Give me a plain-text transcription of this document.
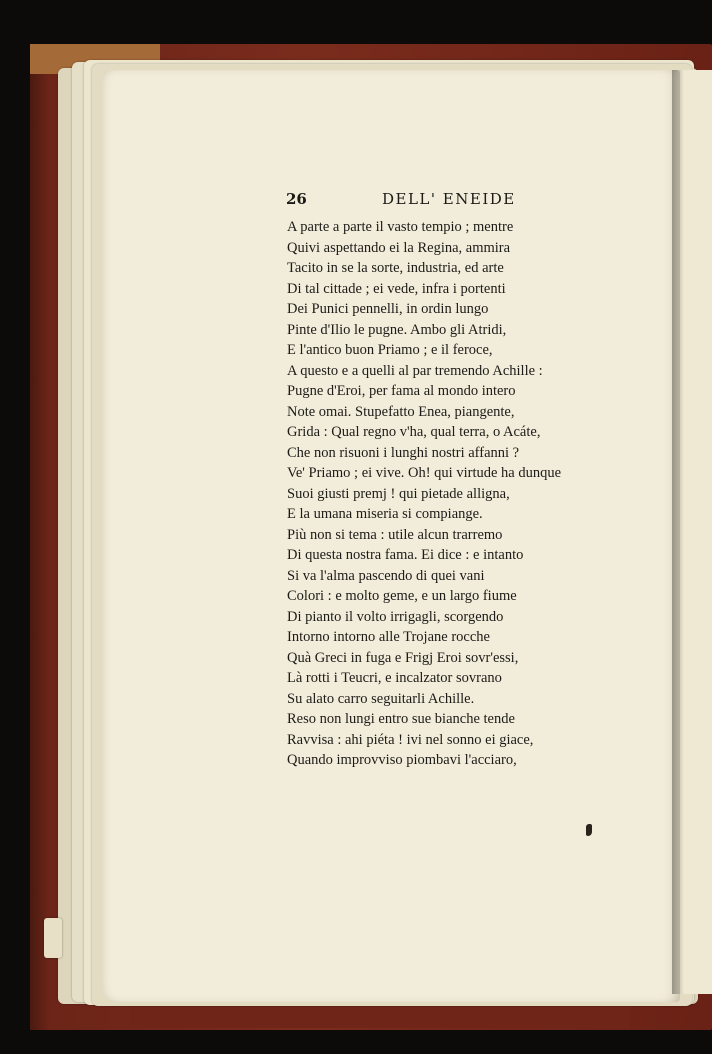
26	DELL' ENEIDE
A parte a parte il vasto tempio ; mentre
Quivi aspettando ei la Regina, ammira
Tacito in se la sorte, industria, ed arte
Di tal cittade ; ei vede, infra i portenti
Dei Punici pennelli, in ordin lungo
Pinte d'Ilio le pugne. Ambo gli Atridi,
E l'antico buon Priamo ; e il feroce,
A questo e a quelli al par tremendo Achille :
Pugne d'Eroi, per fama al mondo intero
Note omai. Stupefatto Enea, piangente,
Grida : Qual regno v'ha, qual terra, o Acáte,
Che non risuoni i lunghi nostri affanni ?
Ve' Priamo ; ei vive. Oh! qui virtude ha dunque
Suoi giusti premj ! qui pietade alligna,
E la umana miseria si compiange.
Più non si tema : utile alcun trarremo
Di questa nostra fama. Ei dice : e intanto
Si va l'alma pascendo di quei vani
Colori : e molto geme, e un largo fiume
Di pianto il volto irrigagli, scorgendo
Intorno intorno alle Trojane rocche
Quà Greci in fuga e Frigj Eroi sovr'essi,
Là rotti i Teucri, e incalzator sovrano
Su alato carro seguitarli Achille.
Reso non lungi entro sue bianche tende
Ravvisa : ahi piéta ! ivi nel sonno ei giace,
Quando improvviso piombavi l'acciaro,
